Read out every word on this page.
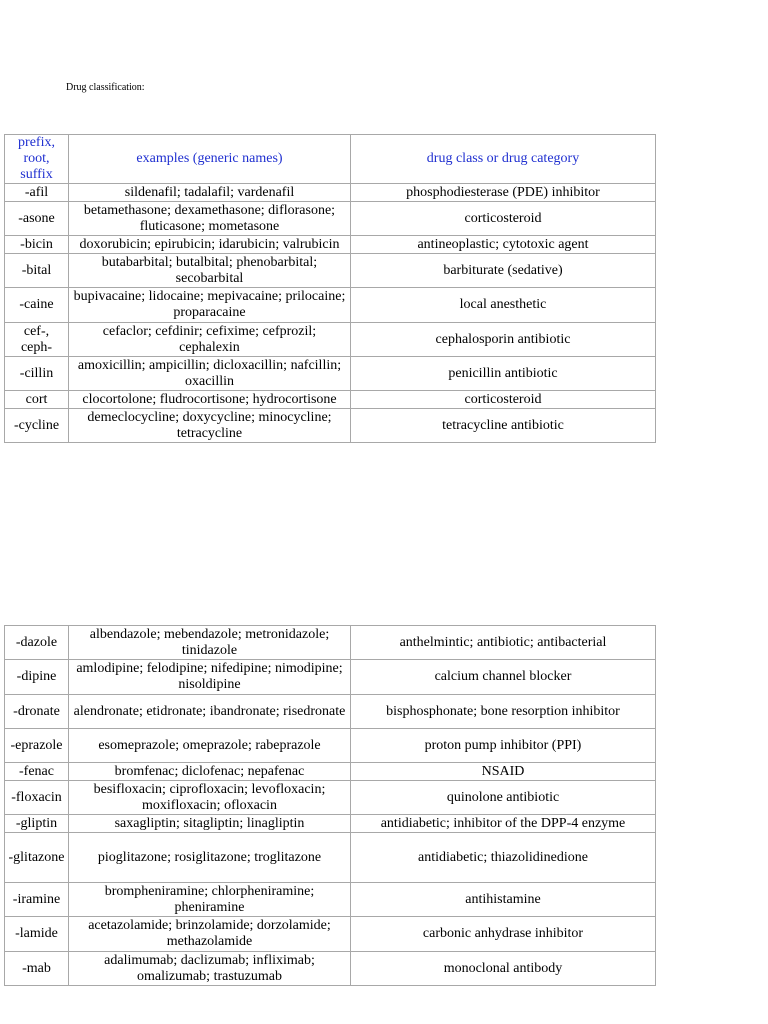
Drug classification:
prefix, root, suffix	examples (generic names)	drug class or drug category
-afil	sildenafil; tadalafil; vardenafil	phosphodiesterase (PDE) inhibitor
-asone	betamethasone; dexamethasone; diflorasone; fluticasone; mometasone	corticosteroid
-bicin	doxorubicin; epirubicin; idarubicin; valrubicin	antineoplastic; cytotoxic agent
-bital	butabarbital; butalbital; phenobarbital; secobarbital	barbiturate (sedative)
-caine	bupivacaine; lidocaine; mepivacaine; prilocaine; proparacaine	local anesthetic
cef-, ceph-	cefaclor; cefdinir; cefixime; cefprozil; cephalexin	cephalosporin antibiotic
-cillin	amoxicillin; ampicillin; dicloxacillin; nafcillin; oxacillin	penicillin antibiotic
cort	clocortolone; fludrocortisone; hydrocortisone	corticosteroid
-cycline	demeclocycline; doxycycline; minocycline; tetracycline	tetracycline antibiotic
-dazole	albendazole; mebendazole; metronidazole; tinidazole	anthelmintic; antibiotic; antibacterial
-dipine	amlodipine; felodipine; nifedipine; nimodipine; nisoldipine	calcium channel blocker
-dronate	alendronate; etidronate; ibandronate; risedronate	bisphosphonate; bone resorption inhibitor
-eprazole	esomeprazole; omeprazole; rabeprazole	proton pump inhibitor (PPI)
-fenac	bromfenac; diclofenac; nepafenac	NSAID
-floxacin	besifloxacin; ciprofloxacin; levofloxacin; moxifloxacin; ofloxacin	quinolone antibiotic
-gliptin	saxagliptin; sitagliptin; linagliptin	antidiabetic; inhibitor of the DPP-4 enzyme
-glitazone	pioglitazone; rosiglitazone; troglitazone	antidiabetic; thiazolidinedione
-iramine	brompheniramine; chlorpheniramine; pheniramine	antihistamine
-lamide	acetazolamide; brinzolamide; dorzolamide; methazolamide	carbonic anhydrase inhibitor
-mab	adalimumab; daclizumab; infliximab; omalizumab; trastuzumab	monoclonal antibody
